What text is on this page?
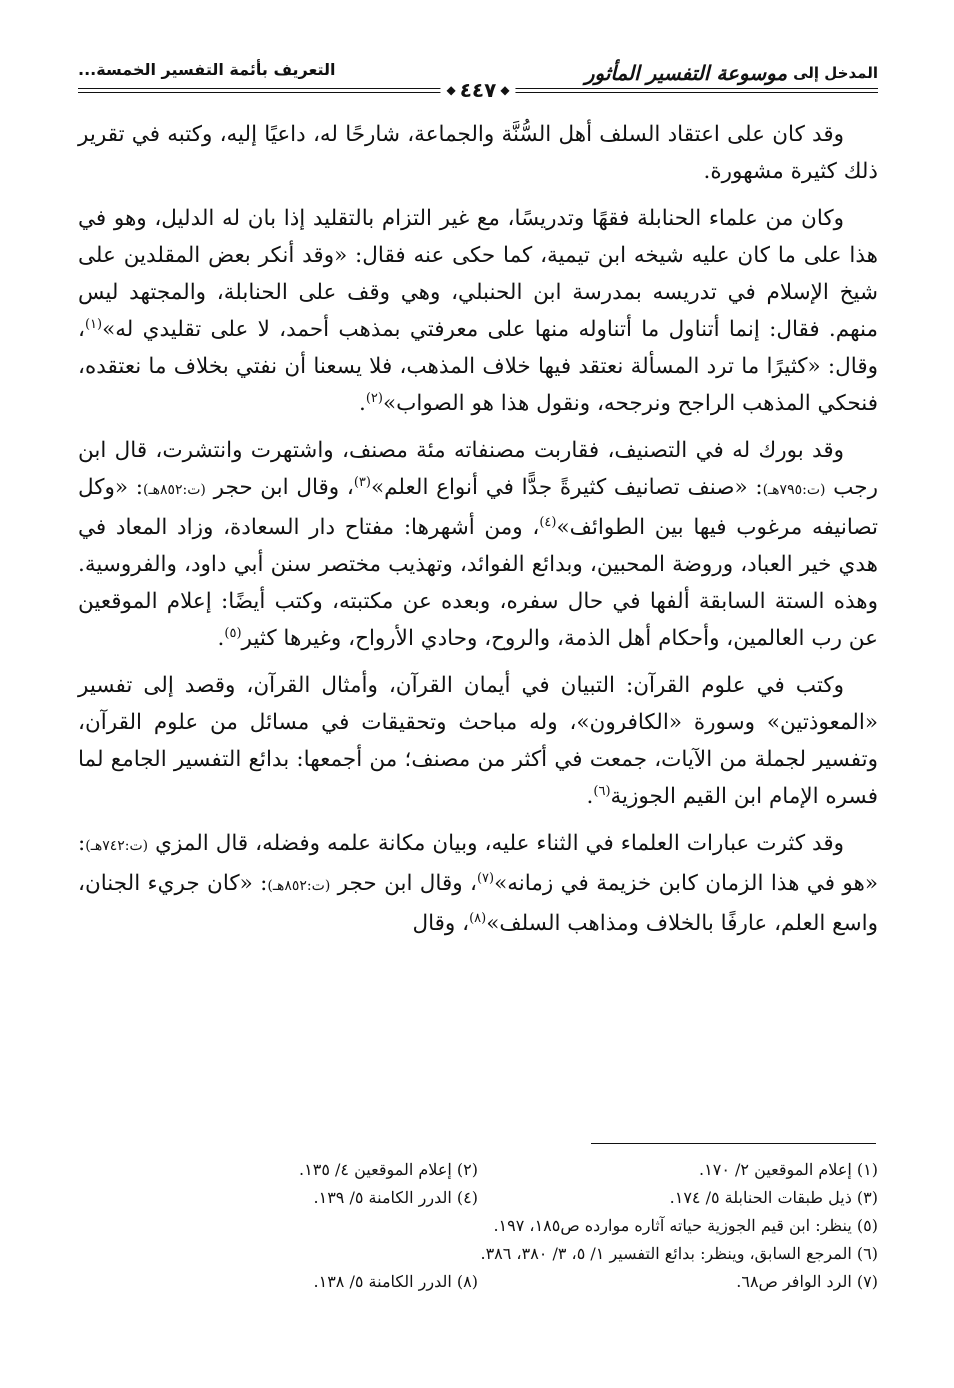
المدخل إلى
موسوعة التفسير المأثور
التعريف بأئمة التفسير الخمسة...
◆
٤٤٧
◆

وقد كان على اعتقاد السلف أهل السُّنَّة والجماعة، شارحًا له، داعيًا إليه، وكتبه في تقرير ذلك كثيرة مشهورة.

وكان من علماء الحنابلة فقهًا وتدريسًا، مع غير التزام بالتقليد إذا بان له الدليل، وهو في هذا على ما كان عليه شيخه ابن تيمية، كما حكى عنه فقال: «وقد أنكر بعض المقلدين على شيخ الإسلام في تدريسه بمدرسة ابن الحنبلي، وهي وقف على الحنابلة، والمجتهد ليس منهم. فقال: إنما أتناول ما أتناوله منها على معرفتي بمذهب أحمد، لا على تقليدي له»$^{(١)}$، وقال: «كثيرًا ما ترد المسألة نعتقد فيها خلاف المذهب، فلا يسعنا أن نفتي بخلاف ما نعتقده، فنحكي المذهب الراجح ونرجحه، ونقول هذا هو الصواب»$^{(٢)}$.

وقد بورك له في التصنيف، فقاربت مصنفاته مئة مصنف، واشتهرت وانتشرت، قال ابن رجب (ت:٧٩٥هـ): «صنف تصانيف كثيرةً جدًّا في أنواع العلم»$^{(٣)}$، وقال ابن حجر (ت:٨٥٢هـ): «وكل تصانيفه مرغوب فيها بين الطوائف»$^{(٤)}$، ومن أشهرها: مفتاح دار السعادة، وزاد المعاد في هدي خير العباد، وروضة المحبين، وبدائع الفوائد، وتهذيب مختصر سنن أبي داود، والفروسية. وهذه الستة السابقة ألفها في حال سفره، وبعده عن مكتبته، وكتب أيضًا: إعلام الموقعين عن رب العالمين، وأحكام أهل الذمة، والروح، وحادي الأرواح، وغيرها كثير$^{(٥)}$.

وكتب في علوم القرآن: التبيان في أيمان القرآن، وأمثال القرآن، وقصد إلى تفسير «المعوذتين» وسورة «الكافرون»، وله مباحث وتحقيقات في مسائل من علوم القرآن، وتفسير لجملة من الآيات، جمعت في أكثر من مصنف؛ من أجمعها: بدائع التفسير الجامع لما فسره الإمام ابن القيم الجوزية$^{(٦)}$.

وقد كثرت عبارات العلماء في الثناء عليه، وبيان مكانة علمه وفضله، قال المزي (ت:٧٤٢هـ): «هو في هذا الزمان كابن خزيمة في زمانه»$^{(٧)}$، وقال ابن حجر (ت:٨٥٢هـ): «كان جريء الجنان، واسع العلم، عارفًا بالخلاف ومذاهب السلف»$^{(٨)}$، وقال

(١) إعلام الموقعين ٢/ ١٧٠.
(٢) إعلام الموقعين ٤/ ١٣٥.
(٣) ذيل طبقات الحنابلة ٥/ ١٧٤.
(٤) الدرر الكامنة ٥/ ١٣٩.
(٥) ينظر: ابن قيم الجوزية حياته آثاره موارده ص١٨٥، ١٩٧.
(٦) المرجع السابق، وينظر: بدائع التفسير ١/ ٥، ٣/ ٣٨٠، ٣٨٦.
(٧) الرد الوافر ص٦٨.
(٨) الدرر الكامنة ٥/ ١٣٨.
